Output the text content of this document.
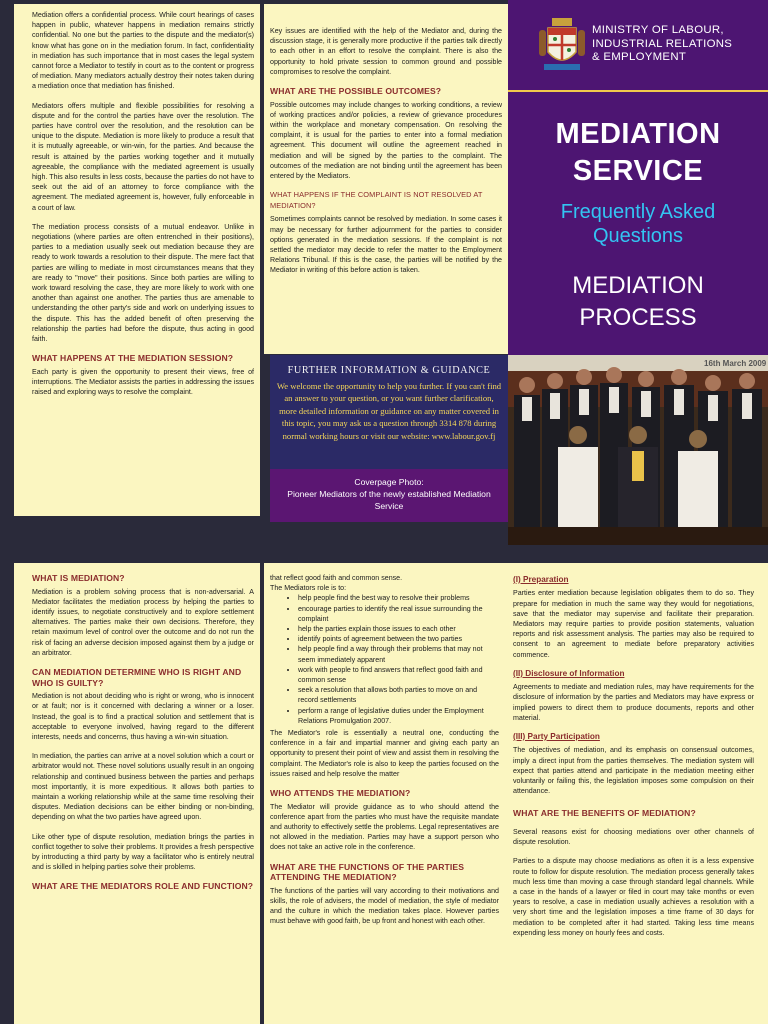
Mediation offers a confidential process. While court hearings of cases happen in public, whatever happens in mediation remains strictly confidential. No one but the parties to the dispute and the mediator(s) know what has gone on in the mediation forum. In fact, confidentiality in mediation has such importance that in most cases the legal system cannot force a Mediator to testify in court as to the content or progress of mediation. Many mediators actually destroy their notes taken during a mediation once that mediation has finished.

Mediators offers multiple and flexible possibilities for resolving a dispute and for the control the parties have over the resolution. The parties have control over the resolution, and the resolution can be unique to the dispute. Mediation is more likely to produce a result that it is mutually agreeable, or win-win, for the parties. And because the result is attained by the parties working together and it mutually agreeable, the compliance with the mediated agreement is usually high. This also results in less costs, because the parties do not have to seek out the aid of an attorney to force compliance with the agreement. The mediated agreement is, however, fully enforceable in a court of law.

The mediation process consists of a mutual endeavor. Unlike in negotiations (where parties are often entrenched in their positions), parties to a mediation usually seek out mediation because they are ready to work towards a resolution to their dispute. The mere fact that parties are willing to mediate in most circumstances means that they are ready to "move" their positions. Since both parties are willing to work toward resolving the case, they are more likely to work with one another than against one another. The parties thus are amenable to understanding the other party's side and work on underlying issues to the dispute. This has the added benefit of often preserving the relationship the parties had before the dispute, thus acting in good faith.

WHAT HAPPENS AT THE MEDIATION SESSION?

Each party is given the opportunity to present their views, free of interruptions. The Mediator assists the parties in addressing the issues raised and exploring ways to resolve the complaint.

Key issues are identified with the help of the Mediator and, during the discussion stage, it is generally more productive if the parties talk directly to each other in an effort to resolve the complaint. There is also the opportunity to hold private session to common ground and possible compromises to resolve the complaint.

WHAT ARE THE POSSIBLE OUTCOMES?

Possible outcomes may include changes to working conditions, a review of working practices and/or policies, a review of grievance procedures within the workplace and monetary compensation. On resolving the complaint, it is usual for the parties to enter into a formal mediation agreement. This document will outline the agreement reached in mediation and will be signed by the parties to the complaint. The outcomes of the mediation are not binding until the agreement has been entered by the Mediators.

WHAT HAPPENS IF THE COMPLAINT IS NOT RESOLVED AT MEDIATION?

Sometimes complaints cannot be resolved by mediation. In some cases it may be necessary for further adjournment for the parties to consider options generated in the mediation sessions. If the complaint is not settled the mediator may decide to refer the matter to the Employment Relations Tribunal. If this is the case, the parties will be notified by the Mediator in writing of this before action is taken.

FURTHER INFORMATION & GUIDANCE
We welcome the opportunity to help you further. If you can't find an answer to your question, or you want further clarification, more detailed information or guidance on any matter covered in this topic, you may ask us a question through 3314 878 during normal working hours or visit our website: www.labour.gov.fj
Coverpage Photo:
Pioneer Mediators of the newly established Mediation Service
MINISTRY OF LABOUR,
INDUSTRIAL RELATIONS
& EMPLOYMENT
MEDIATION
SERVICE
Frequently Asked
Questions
MEDIATION
PROCESS
16th March 2009
WHAT IS MEDIATION?

Mediation is a problem solving process that is non-adversarial. A Mediator facilitates the mediation process by helping the parties to identify issues, to negotiate constructively and to explore settlement alternatives. The parties make their own decisions. Therefore, they retain maximum level of control over the outcome and do not run the risk of facing an adverse decision imposed against them by a judge or an arbitrator.

CAN MEDIATION DETERMINE WHO IS RIGHT AND WHO IS GUILTY?

Mediation is not about deciding who is right or wrong, who is innocent or at fault; nor is it concerned with declaring a winner or a loser. Instead, the goal is to find a practical solution and settlement that is acceptable to everyone involved, having regard to the different interests, needs and concerns, thus having a win-win situation.

In mediation, the parties can arrive at a novel solution which a court or arbitrator would not. These novel solutions usually result in an ongoing relationship and continued business between the parties and perhaps most importantly, it is more expeditious. It allows both parties to maintain a working relationship while at the same time resolving their disputes. Mediation decisions can be either binding or non-binding, depending on what the two parties have agreed upon.

Like other type of dispute resolution, mediation brings the parties in conflict together to solve their problems. It provides a fresh perspective by introducting a third party by way a facilitator who is entirely neutral and is skilled in helping parties solve their problems.

WHAT ARE THE MEDIATORS ROLE AND FUNCTION?

that reflect good faith and common sense.

The Mediators role is to:

• help people find the best way to resolve their problems
• encourage parties to identify the real issue surrounding the complaint
• help the parties explain those issues to each other
• identify points of agreement between the two parties
• help people find a way through their problems that may not seem immediately apparent
• work with people to find answers that reflect good faith and common sense
• seek a resolution that allows both parties to move on and record settlements
• perform a range of legislative duties under the Employment Relations Promulgation 2007.

The Mediator's role is essentially a neutral one, conducting the conference in a fair and impartial manner and giving each party an opportunity to present their point of view and assist them in resolving the complaint. The Mediator's role is also to keep the parties focused on the issues raised and help resolve the matter

WHO ATTENDS THE MEDIATION?

The Mediator will provide guidance as to who should attend the conference apart from the parties who must have the requisite mandate and authority to effectively settle the problems. Legal representatives are not allowed in the mediation. Parties may have a support person who does not take an active role in the conference.

WHAT ARE THE FUNCTIONS OF THE PARTIES ATTENDING THE MEDIATION?

The functions of the parties will vary according to their motivations and skills, the role of advisers, the model of mediation, the style of mediator and the culture in which the mediation takes place. However parties must behave with good faith, be up front and honest with each other.

(I) Preparation

Parties enter mediation because legislation obligates them to do so. They prepare for mediation in much the same way they would for negotiations, save that the mediator may supervise and facilitate their preparation. Mediators may require parties to provide position statements, valuation reports and risk assessment analysis. The parties may also be required to consent to an agreement to mediate before preparatory activities commence.

(II) Disclosure of Information

Agreements to mediate and mediation rules, may have requirements for the disclosure of information by the parties and Mediators may have express or implied powers to direct them to produce documents, reports and other material.

(III) Party Participation

The objectives of mediation, and its emphasis on consensual outcomes, imply a direct input from the parties themselves. The mediation system will expect that parties attend and participate in the mediation meeting either voluntarily or failing this, the legislation imposes some compulsion on their attendance.

WHAT ARE THE BENEFITS OF MEDIATION?

Several reasons exist for choosing mediations over other channels of dispute resolution.

Parties to a dispute may choose mediations as often it is a less expensive route to follow for dispute resolution. The mediation process generally takes much less time than moving a case through standard legal channels. While a case in the hands of a lawyer or filed in court may take months or even years to resolve, a case in mediation usually achieves a resolution with a very short time and the legislation imposes a time frame of 30 days for mediation to be completed after it had started. Taking less time means expending less money on hourly fees and costs.
